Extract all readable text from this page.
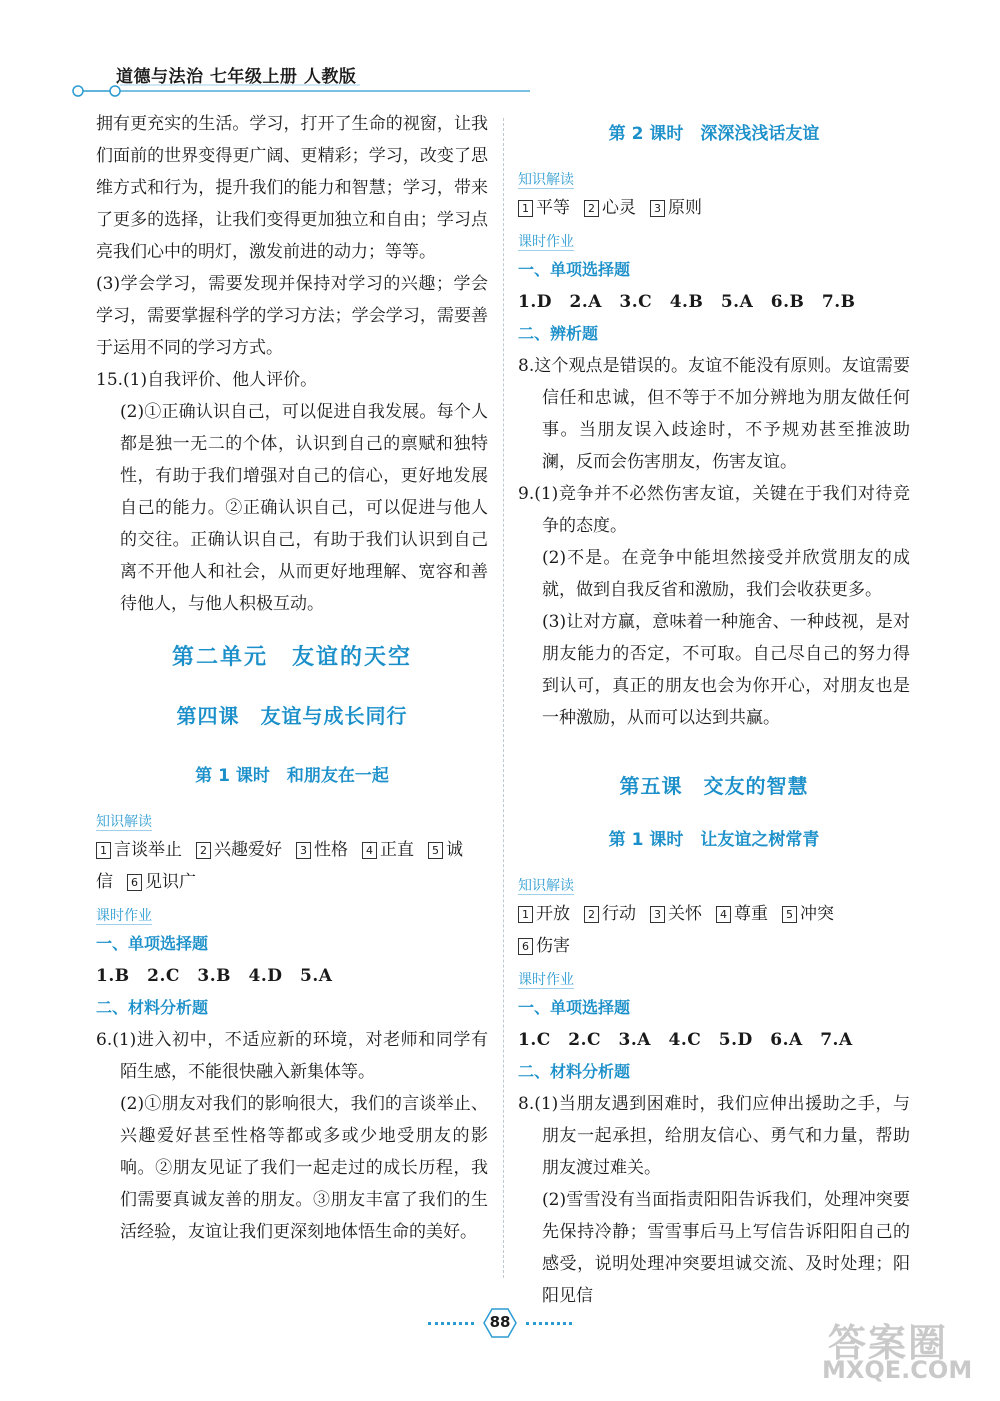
道德与法治 七年级上册 人教版
拥有更充实的生活。学习，打开了生命的视窗，让我们面前的世界变得更广阔、更精彩；学习，改变了思维方式和行为，提升我们的能力和智慧；学习，带来了更多的选择，让我们变得更加独立和自由；学习点亮我们心中的明灯，激发前进的动力；等等。
(3)学会学习，需要发现并保持对学习的兴趣；学会学习，需要掌握科学的学习方法；学会学习，需要善于运用不同的学习方式。
15.(1)自我评价、他人评价。
(2)①正确认识自己，可以促进自我发展。每个人都是独一无二的个体，认识到自己的禀赋和独特性，有助于我们增强对自己的信心，更好地发展自己的能力。②正确认识自己，可以促进与他人的交往。正确认识自己，有助于我们认识到自己离不开他人和社会，从而更好地理解、宽容和善待他人，与他人积极互动。
第二单元　友谊的天空
第四课　友谊与成长同行
第 1 课时　和朋友在一起
知识解读
1 言谈举止 2 兴趣爱好 3 性格 4 正直 5 诚
信 6 见识广
课时作业
一、单项选择题
1.B　2.C　3.B　4.D　5.A
二、材料分析题
6.(1)进入初中，不适应新的环境，对老师和同学有陌生感，不能很快融入新集体等。
(2)①朋友对我们的影响很大，我们的言谈举止、兴趣爱好甚至性格等都或多或少地受朋友的影响。②朋友见证了我们一起走过的成长历程，我们需要真诚友善的朋友。③朋友丰富了我们的生活经验，友谊让我们更深刻地体悟生命的美好。
第 2 课时　深深浅浅话友谊
知识解读
1 平等 2 心灵 3 原则
课时作业
一、单项选择题
1.D　2.A　3.C　4.B　5.A　6.B　7.B
二、辨析题
8.这个观点是错误的。友谊不能没有原则。友谊需要信任和忠诚，但不等于不加分辨地为朋友做任何事。当朋友误入歧途时，不予规劝甚至推波助澜，反而会伤害朋友，伤害友谊。
9.(1)竞争并不必然伤害友谊，关键在于我们对待竞争的态度。
(2)不是。在竞争中能坦然接受并欣赏朋友的成就，做到自我反省和激励，我们会收获更多。
(3)让对方赢，意味着一种施舍、一种歧视，是对朋友能力的否定，不可取。自己尽自己的努力得到认可，真正的朋友也会为你开心，对朋友也是一种激励，从而可以达到共赢。
第五课　交友的智慧
第 1 课时　让友谊之树常青
知识解读
1 开放 2 行动 3 关怀 4 尊重 5 冲突
6 伤害
课时作业
一、单项选择题
1.C　2.C　3.A　4.C　5.D　6.A　7.A
二、材料分析题
8.(1)当朋友遇到困难时，我们应伸出援助之手，与朋友一起承担，给朋友信心、勇气和力量，帮助朋友渡过难关。
(2)雪雪没有当面指责阳阳告诉我们，处理冲突要先保持冷静；雪雪事后马上写信告诉阳阳自己的感受，说明处理冲突要坦诚交流、及时处理；阳阳见信
88	答案圈
MXQE.COM
